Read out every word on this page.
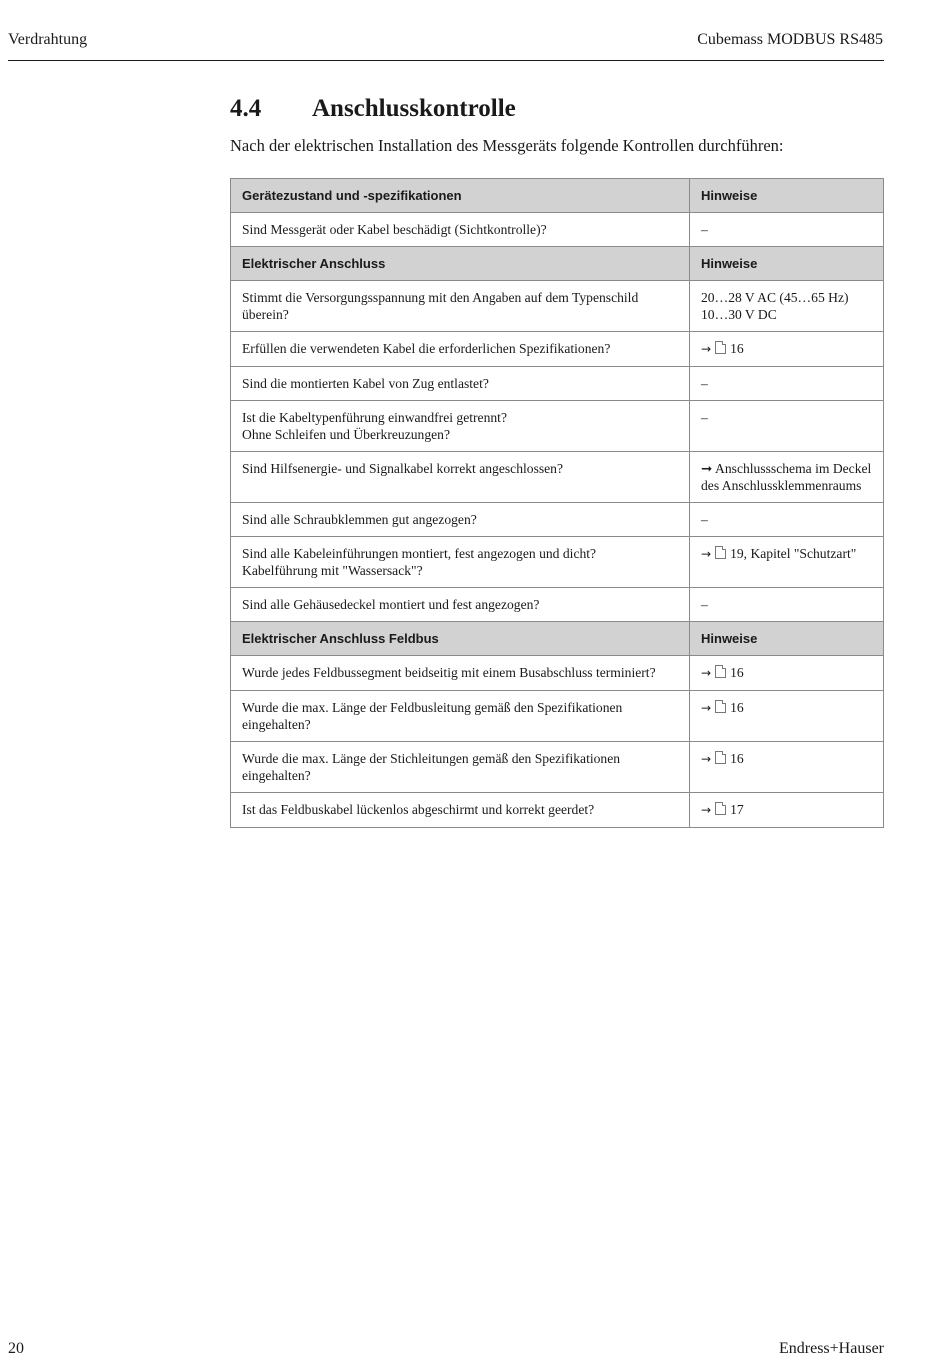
Verdrahtung	Cubemass MODBUS RS485
4.4 Anschlusskontrolle
Nach der elektrischen Installation des Messgeräts folgende Kontrollen durchführen:
Gerätezustand und -spezifikationen	Hinweise

Sind Messgerät oder Kabel beschädigt (Sichtkontrolle)?	–

Elektrischer Anschluss	Hinweise

Stimmt die Versorgungsspannung mit den Angaben auf dem Typenschild überein?	20…28 V AC (45…65 Hz)
10…30 V DC

Erfüllen die verwendeten Kabel die erforderlichen Spezifikationen?	→ 16

Sind die montierten Kabel von Zug entlastet?	–

Ist die Kabeltypenführung einwandfrei getrennt?
Ohne Schleifen und Überkreuzungen?	–

Sind Hilfsenergie- und Signalkabel korrekt angeschlossen?	➞ Anschlussschema im Deckel
des Anschlussklemmenraums

Sind alle Schraubklemmen gut angezogen?	–

Sind alle Kabeleinführungen montiert, fest angezogen und dicht?
Kabelführung mit "Wassersack"?	→ 19, Kapitel "Schutzart"

Sind alle Gehäusedeckel montiert und fest angezogen?	–

Elektrischer Anschluss Feldbus	Hinweise

Wurde jedes Feldbussegment beidseitig mit einem Busabschluss terminiert?	→ 16

Wurde die max. Länge der Feldbusleitung gemäß den Spezifikationen eingehalten?	→ 16

Wurde die max. Länge der Stichleitungen gemäß den Spezifikationen eingehalten?	→ 16

Ist das Feldbuskabel lückenlos abgeschirmt und korrekt geerdet?	→ 17
20	Endress+Hauser
